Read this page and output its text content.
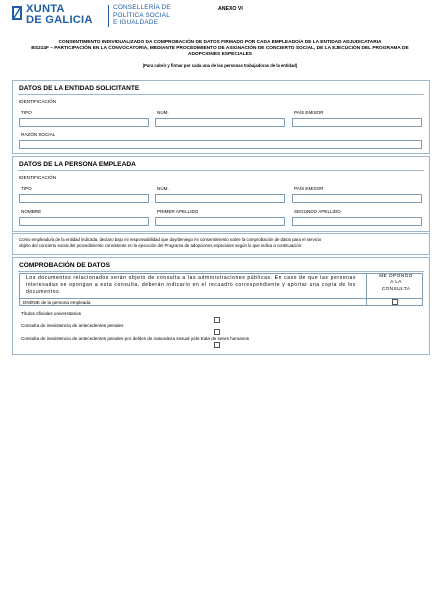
XUNTA
DE GALICIA
CONSELLERÍA DE
POLÍTICA SOCIAL
E IGUALDADE
ANEXO VI
CONSENTIMENTO INDIVIDUALIZADO DA COMPROBACIÓN DE DATOS FIRMADO POR CADA EMPLEADO/A DE LA ENTIDAD ADJUDICATARIA
BS214F – PARTICIPACIÓN EN LA CONVOCATORIA, MEDIANTE PROCEDIMIENTO DE ASIGNACIÓN DE CONCIERTO SOCIAL, DE LA EJECUCIÓN DEL PROGRAMA DE
ADOPCIONES ESPECIALES
(Para cubrir y firmar por cada una de las personas trabajadoras de la entidad)
DATOS DE LA ENTIDAD SOLICITANTE
IDENTIFICACIÓN
TIPO	NÚM.	PAÍS EMISOR
RAZÓN SOCIAL
DATOS DE LA PERSONA EMPLEADA
IDENTIFICACIÓN
TIPO	NÚM.	PAÍS EMISOR
NOMBRE	PRIMER APELLIDO	SEGUNDO APELLIDO
Como empleado/a de la entidad indicada, declaro bajo mi responsabilidad que doy/deniego mi consentimiento sobre la comprobación de datos para el servicio
objeto del concierto social del procedimiento consistente en la ejecución del Programa de adopciones especiales según lo que indica a continuación:
COMPROBACIÓN DE DATOS
Los documentos relacionados serán objeto de consulta a las administraciones públicas. En caso de que las personas interesadas se opongan a esta consulta, deberán indicarlo en el recuadro correspondiente y aportar una copia de los documentos.
ME OPONGO
A LA
CONSULTA
DNI/NIE de la persona empleada
Títulos oficiales universitarios
Consulta de inexistencia de antecedentes penales
Consulta de inexistencia de antecedentes penales por delitos de naturaleza sexual y/de trata de seres humanos
